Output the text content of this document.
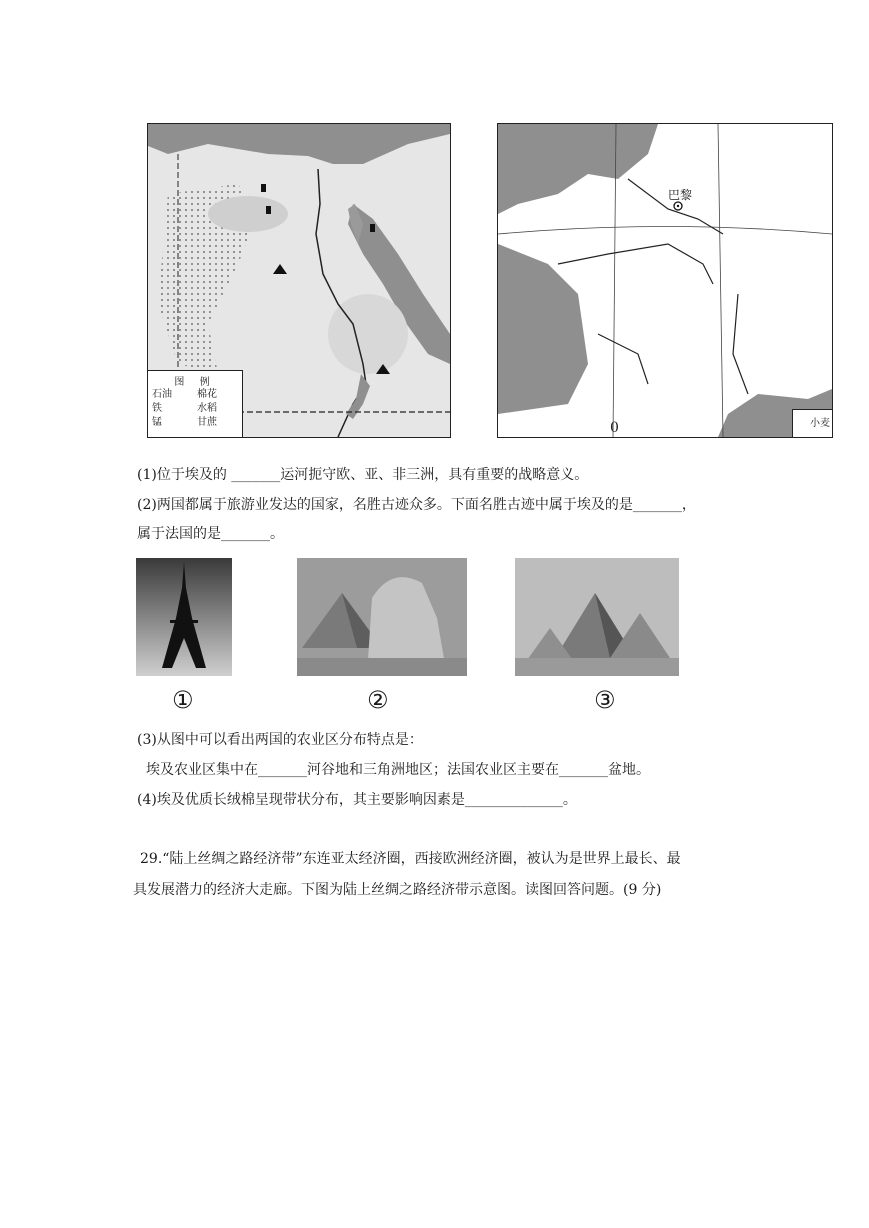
图 例
石油	棉花
铁	水稻
锰	甘蔗
巴黎
0	小麦
(1)位于埃及的 _______运河扼守欧、亚、非三洲，具有重要的战略意义。
(2)两国都属于旅游业发达的国家，名胜古迹众多。下面名胜古迹中属于埃及的是_______，
属于法国的是_______。
①	②	③
(3)从图中可以看出两国的农业区分布特点是：
埃及农业区集中在_______河谷地和三角洲地区；法国农业区主要在_______盆地。
(4)埃及优质长绒棉呈现带状分布，其主要影响因素是______________。
29.“陆上丝绸之路经济带”东连亚太经济圈，西接欧洲经济圈，被认为是世界上最长、最
具发展潜力的经济大走廊。下图为陆上丝绸之路经济带示意图。读图回答问题。(9 分)
